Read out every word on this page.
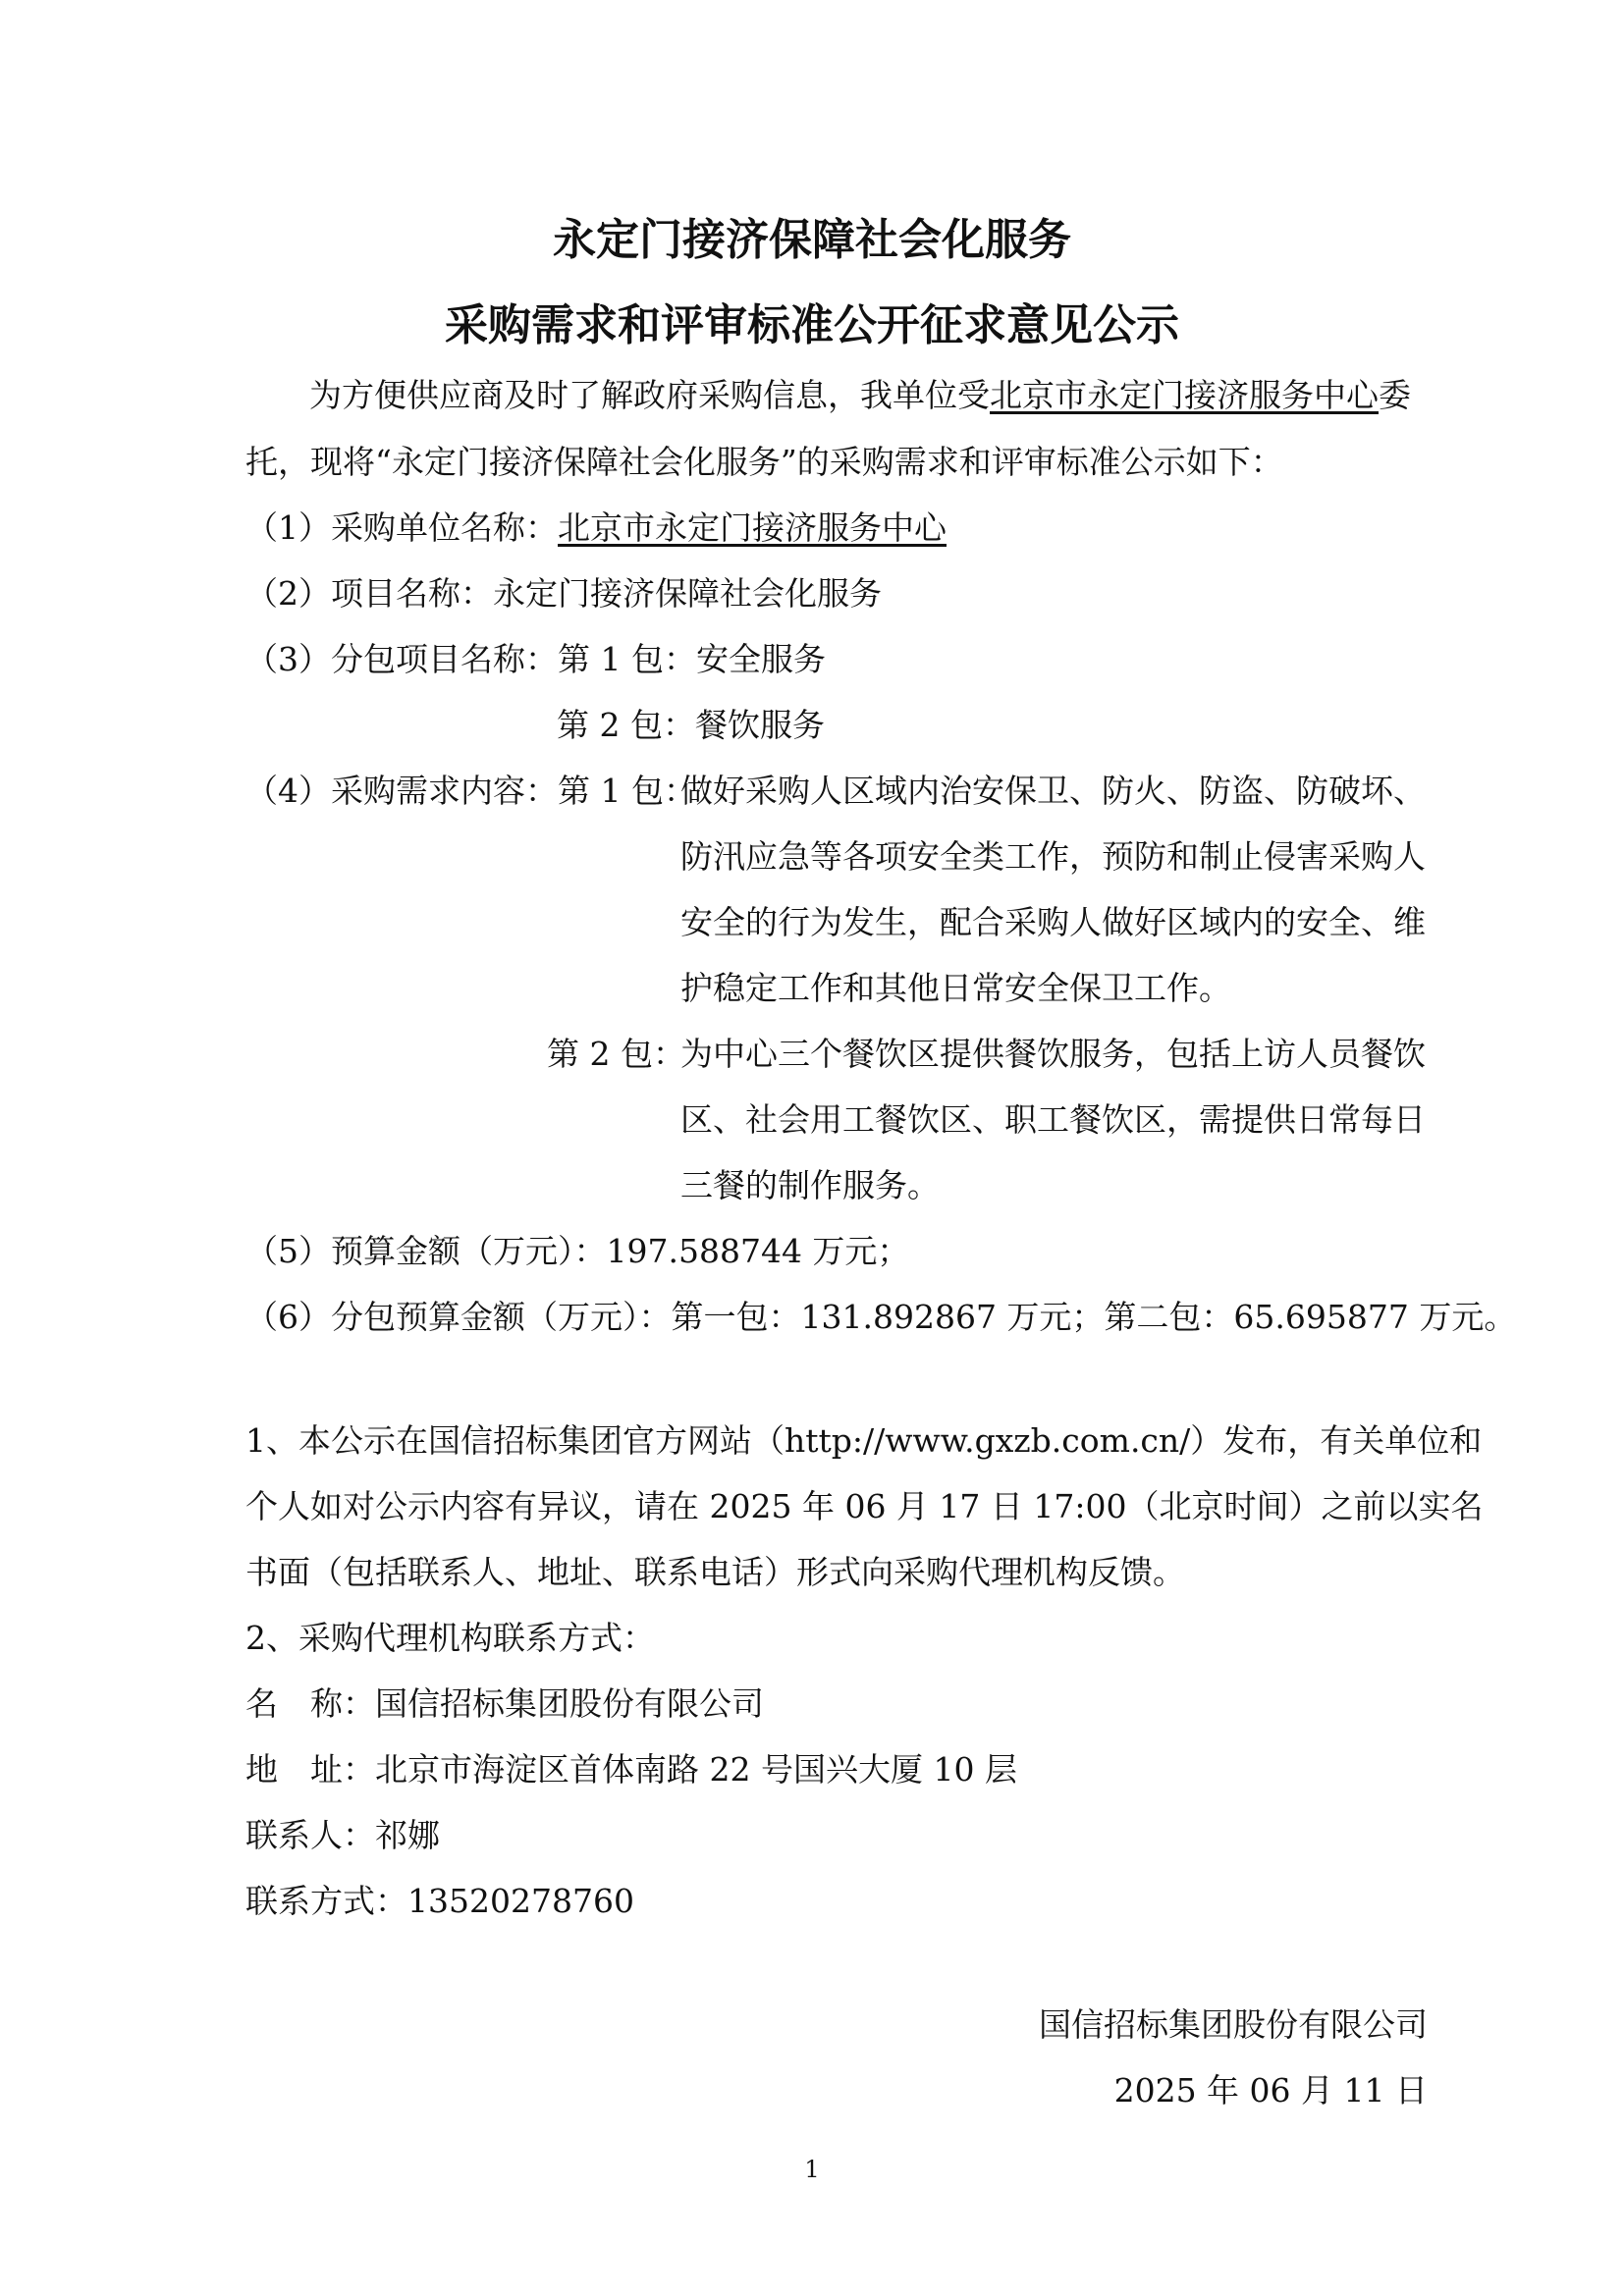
永定门接济保障社会化服务
采购需求和评审标准公开征求意见公示
为方便供应商及时了解政府采购信息，我单位受北京市永定门接济服务中心委
托，现将“永定门接济保障社会化服务”的采购需求和评审标准公示如下：
（1）采购单位名称：北京市永定门接济服务中心
（2）项目名称：永定门接济保障社会化服务
（3）分包项目名称：第 1 包：安全服务
第 2 包：餐饮服务
（4）采购需求内容：第 1 包：
做好采购人区域内治安保卫、防火、防盗、防破坏、
防汛应急等各项安全类工作，预防和制止侵害采购人
安全的行为发生，配合采购人做好区域内的安全、维
护稳定工作和其他日常安全保卫工作。
第 2 包：
为中心三个餐饮区提供餐饮服务，包括上访人员餐饮
区、社会用工餐饮区、职工餐饮区，需提供日常每日
三餐的制作服务。
（5）预算金额（万元）：197.588744 万元；
（6）分包预算金额（万元）：第一包：131.892867 万元；第二包：65.695877 万元。
1、本公示在国信招标集团官方网站（http://www.gxzb.com.cn/）发布，有关单位和
个人如对公示内容有异议，请在 2025 年 06 月 17 日 17:00（北京时间）之前以实名
书面（包括联系人、地址、联系电话）形式向采购代理机构反馈。
2、采购代理机构联系方式：
名　称：国信招标集团股份有限公司
地　址：北京市海淀区首体南路 22 号国兴大厦 10 层
联系人：祁娜
联系方式：13520278760
国信招标集团股份有限公司
2025 年 06 月 11 日
1
